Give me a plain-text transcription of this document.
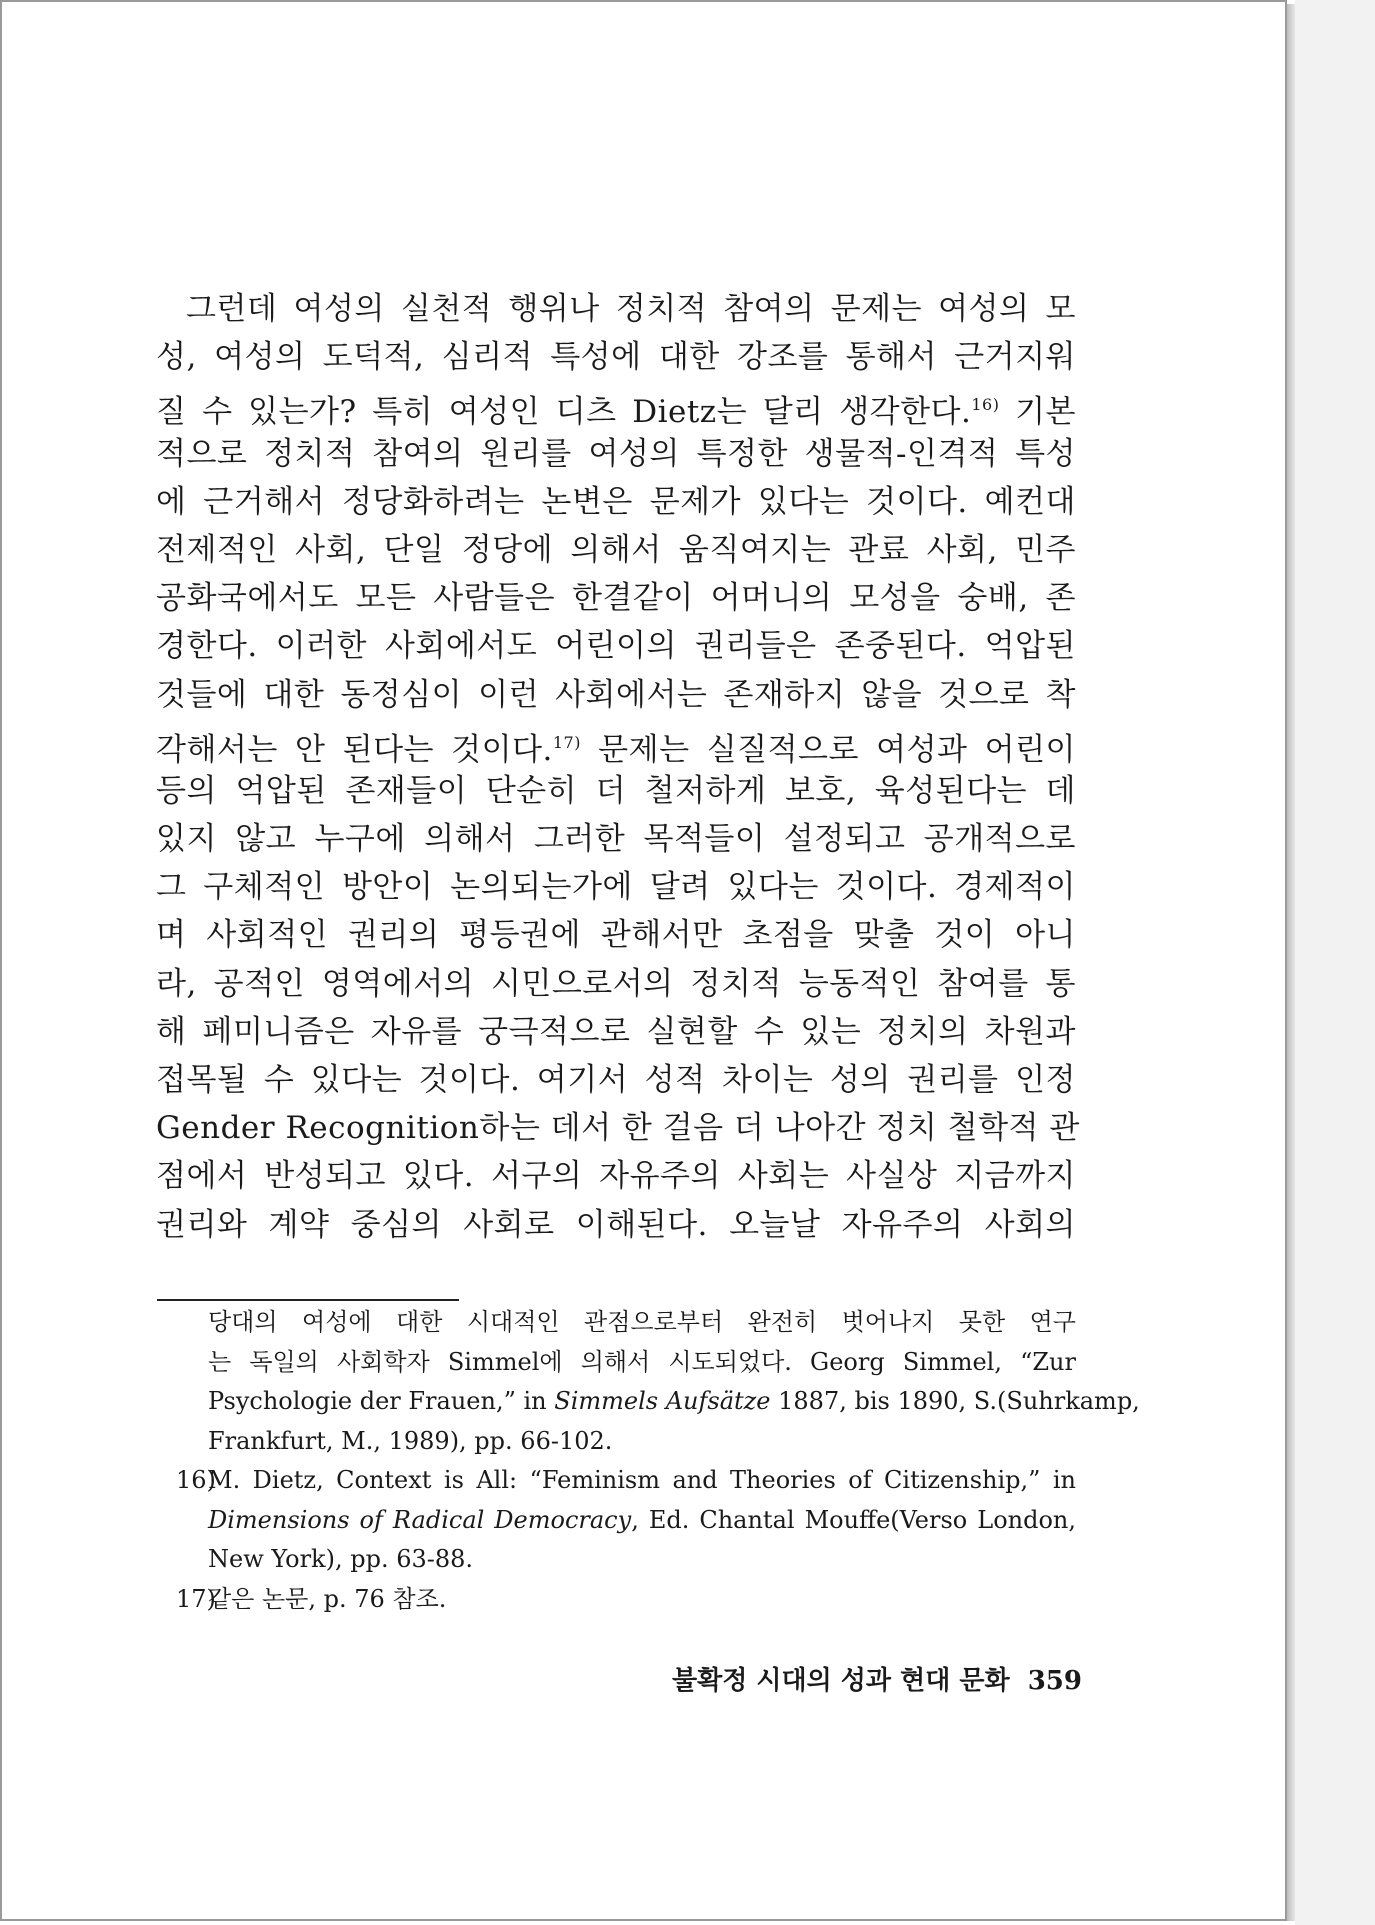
그런데 여성의 실천적 행위나 정치적 참여의 문제는 여성의 모
성, 여성의 도덕적, 심리적 특성에 대한 강조를 통해서 근거지워
질 수 있는가? 특히 여성인 디츠 Dietz는 달리 생각한다.$^{16)}$ 기본
적으로 정치적 참여의 원리를 여성의 특정한 생물적-인격적 특성
에 근거해서 정당화하려는 논변은 문제가 있다는 것이다. 예컨대
전제적인 사회, 단일 정당에 의해서 움직여지는 관료 사회, 민주
공화국에서도 모든 사람들은 한결같이 어머니의 모성을 숭배, 존
경한다. 이러한 사회에서도 어린이의 권리들은 존중된다. 억압된
것들에 대한 동정심이 이런 사회에서는 존재하지 않을 것으로 착
각해서는 안 된다는 것이다.$^{17)}$ 문제는 실질적으로 여성과 어린이
등의 억압된 존재들이 단순히 더 철저하게 보호, 육성된다는 데
있지 않고 누구에 의해서 그러한 목적들이 설정되고 공개적으로
그 구체적인 방안이 논의되는가에 달려 있다는 것이다. 경제적이
며 사회적인 권리의 평등권에 관해서만 초점을 맞출 것이 아니
라, 공적인 영역에서의 시민으로서의 정치적 능동적인 참여를 통
해 페미니즘은 자유를 궁극적으로 실현할 수 있는 정치의 차원과
접목될 수 있다는 것이다. 여기서 성적 차이는 성의 권리를 인정
Gender Recognition하는 데서 한 걸음 더 나아간 정치 철학적 관
점에서 반성되고 있다. 서구의 자유주의 사회는 사실상 지금까지
권리와 계약 중심의 사회로 이해된다. 오늘날 자유주의 사회의
당대의 여성에 대한 시대적인 관점으로부터 완전히 벗어나지 못한 연구
는 독일의 사회학자 Simmel에 의해서 시도되었다. Georg Simmel, “Zur
Psychologie der Frauen,” in Simmels Aufsätze 1887, bis 1890, S.(Suhrkamp,
Frankfurt, M., 1989), pp. 66-102.
16)M. Dietz, Context is All: “Feminism and Theories of Citizenship,” in
Dimensions of Radical Democracy, Ed. Chantal Mouffe(Verso London,
New York), pp. 63-88.
17)같은 논문, p. 76 참조.
불확정 시대의 성과 현대 문화 359
